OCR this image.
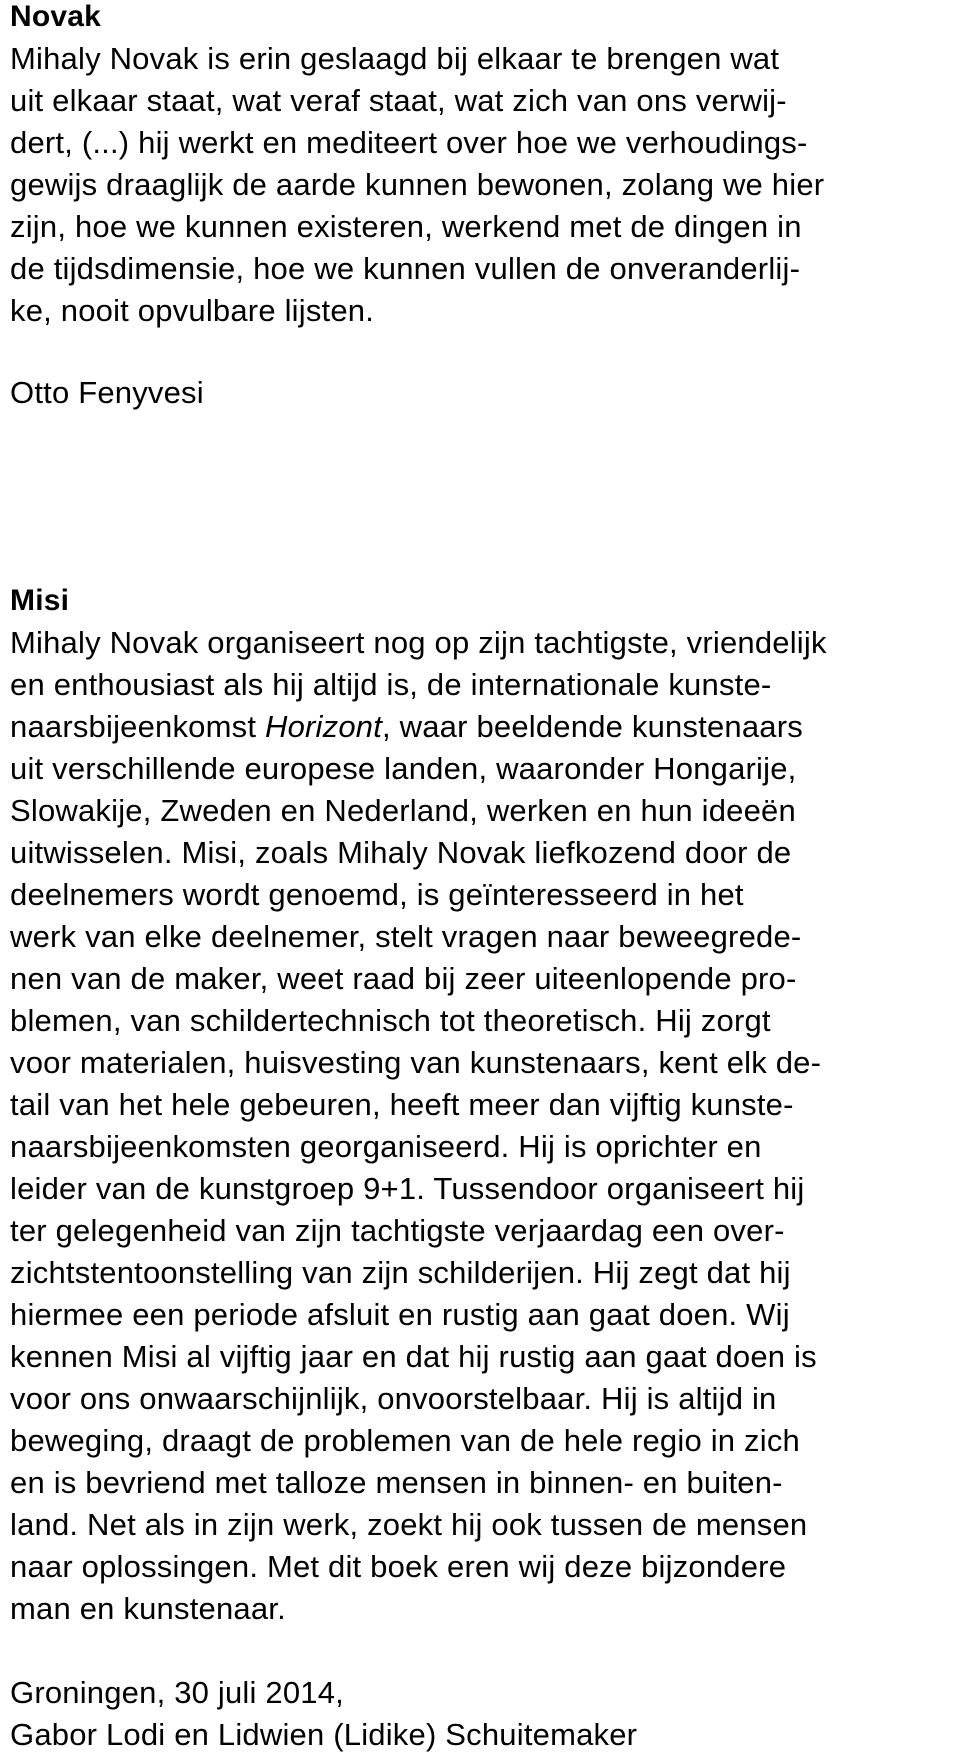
Novak
Mihaly Novak is erin geslaagd bij elkaar te brengen wat
uit elkaar staat, wat veraf staat, wat zich van ons verwij-
dert, (...) hij werkt en mediteert over hoe we verhoudings-
gewijs draaglijk de aarde kunnen bewonen, zolang we hier
zijn, hoe we kunnen existeren, werkend met de dingen in
de tijdsdimensie, hoe we kunnen vullen de onveranderlij-
ke, nooit opvulbare lijsten.
Otto Fenyvesi
Misi
Mihaly Novak organiseert nog op zijn tachtigste, vriendelijk
en enthousiast als hij altijd is, de internationale kunste-
naarsbijeenkomst Horizont, waar beeldende kunstenaars
uit verschillende europese landen, waaronder Hongarije,
Slowakije, Zweden en Nederland, werken en hun ideeën
uitwisselen. Misi, zoals Mihaly Novak liefkozend door de
deelnemers wordt genoemd, is geïnteresseerd in het
werk van elke deelnemer, stelt vragen naar beweegrede-
nen van de maker, weet raad bij zeer uiteenlopende pro-
blemen, van schildertechnisch tot theoretisch. Hij zorgt
voor materialen, huisvesting van kunstenaars, kent elk de-
tail van het hele gebeuren, heeft meer dan vijftig kunste-
naarsbijeenkomsten georganiseerd. Hij is oprichter en
leider van de kunstgroep 9+1. Tussendoor organiseert hij
ter gelegenheid van zijn tachtigste verjaardag een over-
zichtstentoonstelling van zijn schilderijen. Hij zegt dat hij
hiermee een periode afsluit en rustig aan gaat doen. Wij
kennen Misi al vijftig jaar en dat hij rustig aan gaat doen is
voor ons onwaarschijnlijk, onvoorstelbaar. Hij is altijd in
beweging, draagt de problemen van de hele regio in zich
en is bevriend met talloze mensen in binnen- en buiten-
land. Net als in zijn werk, zoekt hij ook tussen de mensen
naar oplossingen. Met dit boek eren wij deze bijzondere
man en kunstenaar.
Groningen, 30 juli 2014,
Gabor Lodi en Lidwien (Lidike) Schuitemaker
